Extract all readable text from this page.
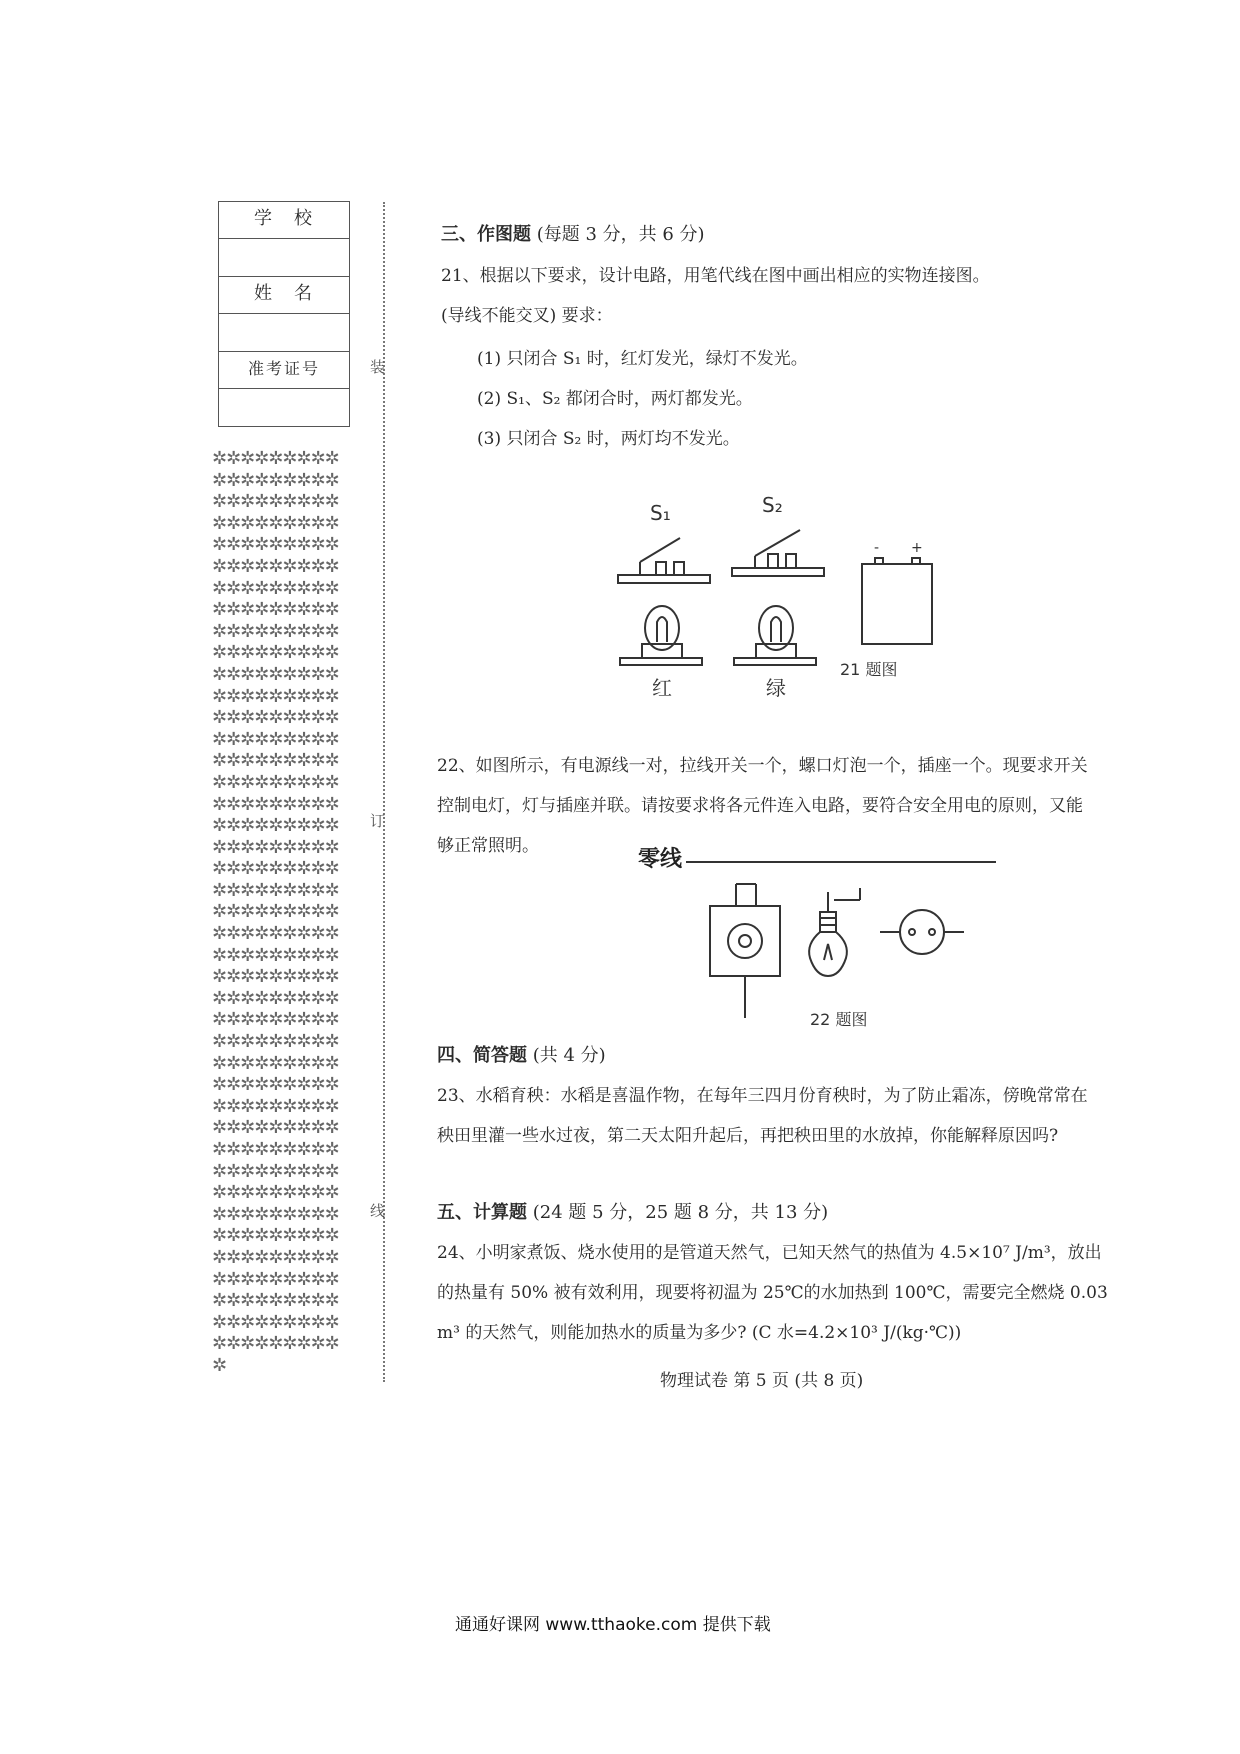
学　校
姓　名
准考证号
✲✲✲✲✲✲✲✲✲✲✲✲✲✲✲✲✲✲✲✲✲✲✲✲✲✲✲✲✲✲✲✲✲✲✲✲✲✲✲✲✲✲✲✲✲✲✲✲✲✲✲✲✲✲✲✲✲✲✲✲✲✲✲✲✲✲✲✲✲✲✲✲✲✲✲✲✲✲✲✲✲✲✲✲✲✲✲✲✲✲✲✲✲✲✲✲✲✲✲✲✲✲✲✲✲✲✲✲✲✲✲✲✲✲✲✲✲✲✲✲✲✲✲✲✲✲✲✲✲✲✲✲✲✲✲✲✲✲✲✲✲✲✲✲✲✲✲✲✲✲✲✲✲✲✲✲✲✲✲✲✲✲✲✲✲✲✲✲✲✲✲✲✲✲✲✲✲✲✲✲✲✲✲✲✲✲✲✲✲✲✲✲✲✲✲✲✲✲✲✲✲✲✲✲✲✲✲✲✲✲✲✲✲✲✲✲✲✲✲✲✲✲✲✲✲✲✲✲✲✲✲✲✲✲✲✲✲✲✲✲✲✲✲✲✲✲✲✲✲✲✲✲✲✲✲✲✲✲✲✲✲✲✲✲✲✲✲✲✲✲✲✲✲✲✲✲✲✲✲✲✲✲✲✲✲✲✲✲✲✲✲✲✲✲✲✲✲✲✲✲✲✲✲✲✲✲✲✲✲✲✲✲✲✲✲✲✲✲✲✲✲✲✲✲✲✲✲✲✲✲✲✲✲✲✲✲✲✲✲✲✲✲✲✲✲✲✲✲✲✲✲✲✲✲✲✲✲✲✲✲✲✲✲✲✲✲✲✲✲✲✲✲✲✲✲✲✲✲✲
装
订
线
三、作图题 (每题 3 分，共 6 分)
21、根据以下要求，设计电路，用笔代线在图中画出相应的实物连接图。
(导线不能交叉) 要求：
(1) 只闭合 S₁ 时，红灯发光，绿灯不发光。
(2) S₁、S₂ 都闭合时，两灯都发光。
(3) 只闭合 S₂ 时，两灯均不发光。
S₁	S₂
- +
红	绿
21 题图
22、如图所示，有电源线一对，拉线开关一个，螺口灯泡一个，插座一个。现要求开关
控制电灯，灯与插座并联。请按要求将各元件连入电路，要符合安全用电的原则，又能
够正常照明。
零线
22 题图
四、简答题 (共 4 分)
23、水稻育秧：水稻是喜温作物，在每年三四月份育秧时，为了防止霜冻，傍晚常常在
秧田里灌一些水过夜，第二天太阳升起后，再把秧田里的水放掉，你能解释原因吗?
五、计算题 (24 题 5 分，25 题 8 分，共 13 分)
24、小明家煮饭、烧水使用的是管道天然气，已知天然气的热值为 4.5×10⁷ J/m³，放出
的热量有 50% 被有效利用，现要将初温为 25℃的水加热到 100℃，需要完全燃烧 0.03
m³ 的天然气，则能加热水的质量为多少? (C 水=4.2×10³ J/(kg·℃))
物理试卷 第 5 页 (共 8 页)
通通好课网 www.tthaoke.com 提供下载
